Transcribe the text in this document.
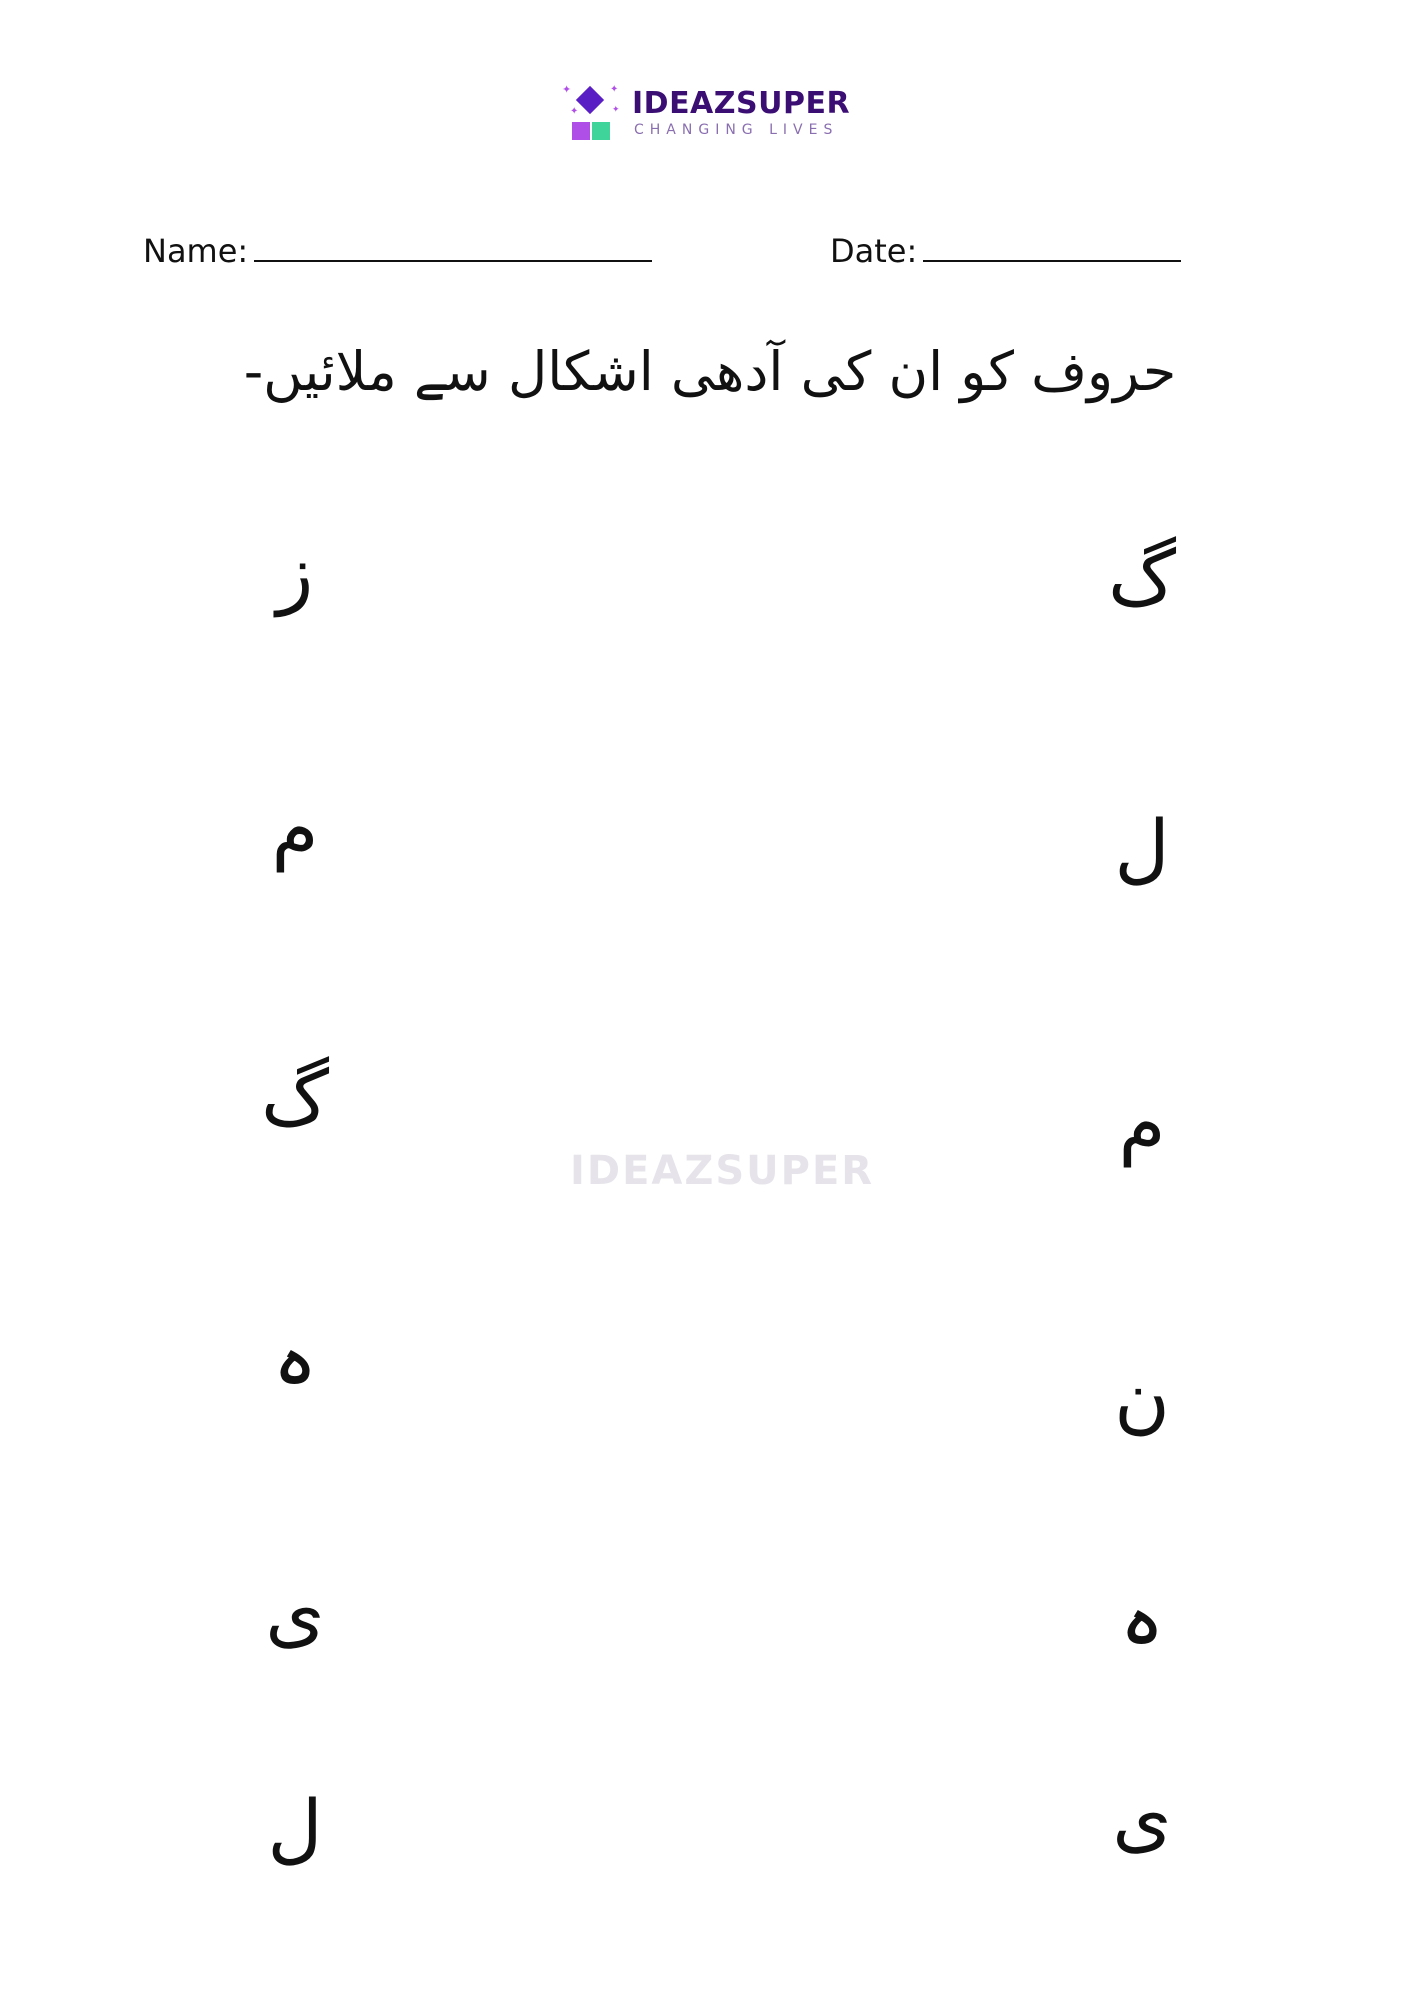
✦	✦
✦	✦ IDEAZSUPER
CHANGING LIVES
Name:	Date:
حروف کو ان کی آدھی اشکال سے ملائیں-
IDEAZSUPER
ز
م
گ
ہ
ی
ل
گ
ل
م
ن
ہ
ی
